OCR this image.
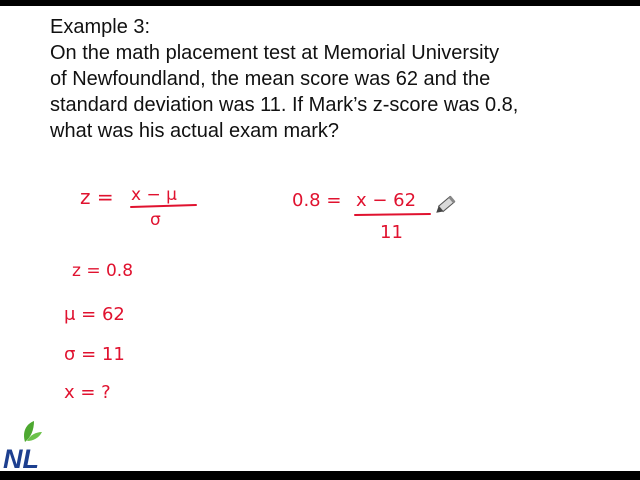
Example 3:
On the math placement test at Memorial University
of Newfoundland, the mean score was 62 and the
standard deviation was 11. If Mark’s z-score was 0.8,
what was his actual exam mark?
z = x − μ
σ
0.8 = x − 62
11
z = 0.8
μ = 62
σ = 11
x = ?
NL
